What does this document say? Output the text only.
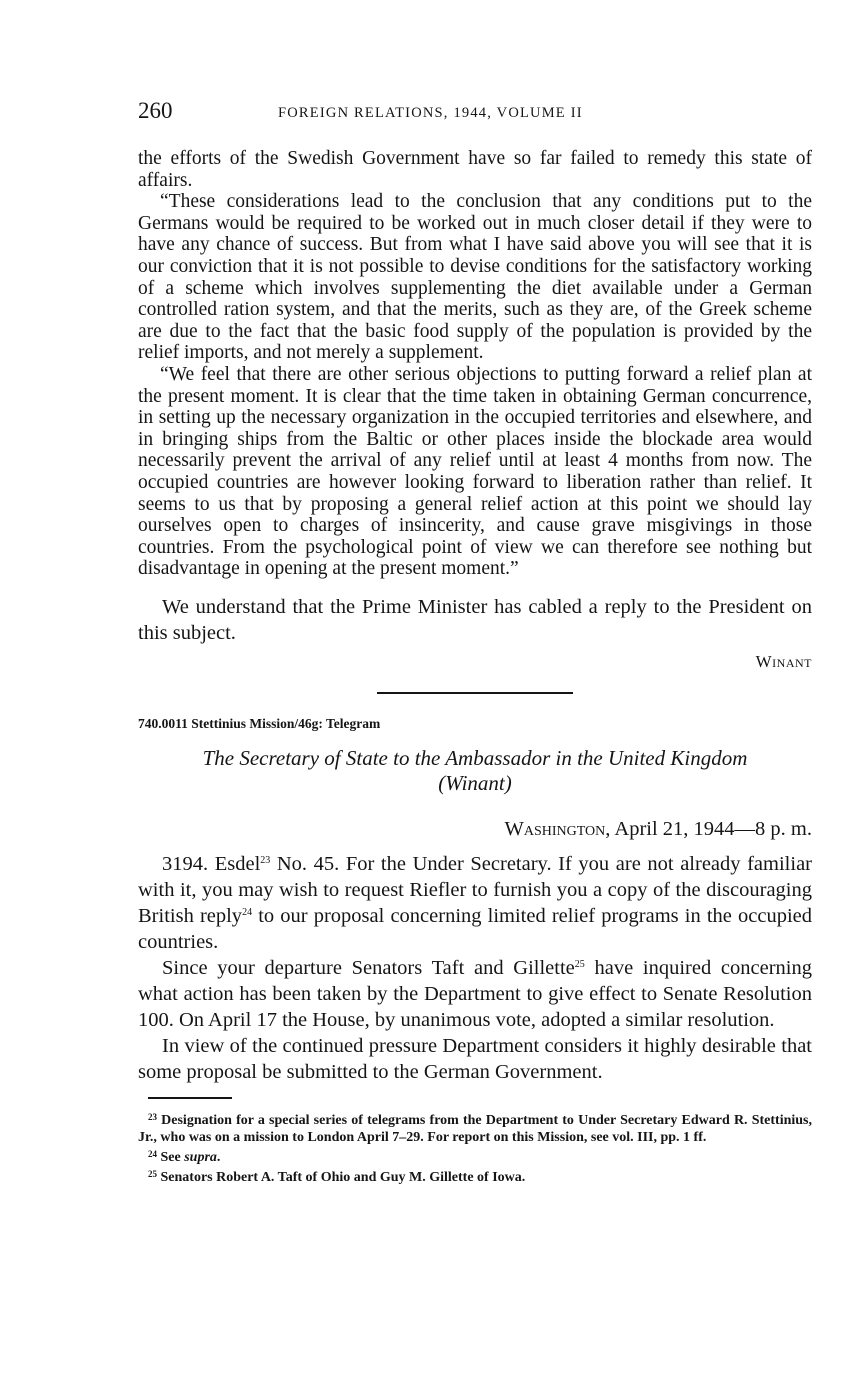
260	FOREIGN RELATIONS, 1944, VOLUME II

the efforts of the Swedish Government have so far failed to remedy this state of affairs.

“These considerations lead to the conclusion that any conditions put to the Germans would be required to be worked out in much closer detail if they were to have any chance of success. But from what I have said above you will see that it is our conviction that it is not possible to devise conditions for the satisfactory working of a scheme which involves supplementing the diet available under a German controlled ration system, and that the merits, such as they are, of the Greek scheme are due to the fact that the basic food supply of the population is provided by the relief imports, and not merely a supplement.

“We feel that there are other serious objections to putting forward a relief plan at the present moment. It is clear that the time taken in obtaining German concurrence, in setting up the necessary organization in the occupied territories and elsewhere, and in bringing ships from the Baltic or other places inside the blockade area would necessarily prevent the arrival of any relief until at least 4 months from now. The occupied countries are however looking forward to liberation rather than relief. It seems to us that by proposing a general relief action at this point we should lay ourselves open to charges of insincerity, and cause grave misgivings in those countries. From the psychological point of view we can therefore see nothing but disadvantage in opening at the present moment.”

We understand that the Prime Minister has cabled a reply to the President on this subject.

Winant
740.0011 Stettinius Mission/46g: Telegram
The Secretary of State to the Ambassador in the United Kingdom
(Winant)
Washington, April 21, 1944—8 p. m.

3194. Esdel$^{23}$ No. 45. For the Under Secretary. If you are not already familiar with it, you may wish to request Riefler to furnish you a copy of the discouraging British reply$^{24}$ to our proposal concerning limited relief programs in the occupied countries.

Since your departure Senators Taft and Gillette$^{25}$ have inquired concerning what action has been taken by the Department to give effect to Senate Resolution 100. On April 17 the House, by unanimous vote, adopted a similar resolution.

In view of the continued pressure Department considers it highly desirable that some proposal be submitted to the German Government.

$^{23}$ Designation for a special series of telegrams from the Department to Under Secretary Edward R. Stettinius, Jr., who was on a mission to London April 7–29. For report on this Mission, see vol. III, pp. 1 ff.

$^{24}$ See supra.

$^{25}$ Senators Robert A. Taft of Ohio and Guy M. Gillette of Iowa.
